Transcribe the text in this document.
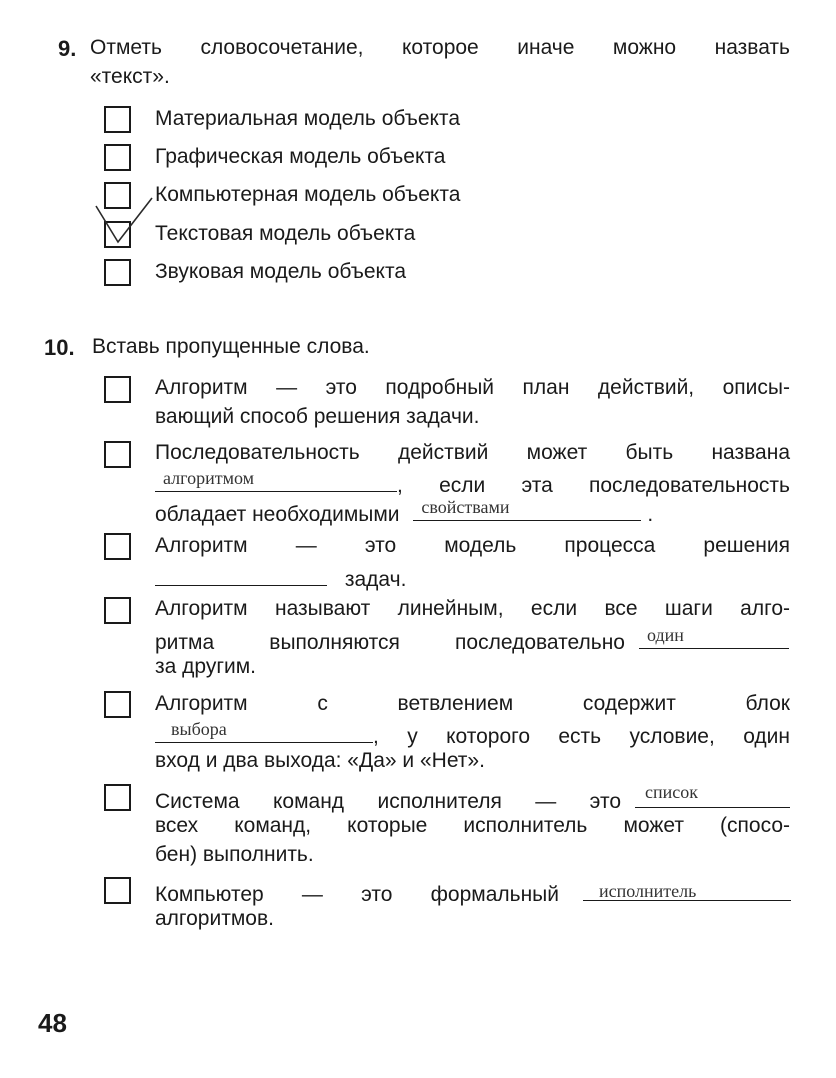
9. Отметь словосочетание, которое иначе можно назвать
«текст».
Материальная модель объекта
Графическая модель объекта
Компьютерная модель объекта
Текстовая модель объекта
Звуковая модель объекта
10. Вставь пропущенные слова.
Алгоритм — это подробный план действий, описы-
вающий способ решения задачи.
Последовательность действий может быть названа
алгоритмом	, если эта последовательность
обладает необходимыми свойствами	.
Алгоритм — это модель процесса решения
задач.
Алгоритм называют линейным, если все шаги алго-
ритма выполняются последовательно один
за другим.
Алгоритм с ветвлением содержит блок
выбора	, у которого есть условие, один
вход и два выхода: «Да» и «Нет».
Система команд исполнителя — это список
всех команд, которые исполнитель может (спосо-
бен) выполнить.
Компьютер — это формальный исполнитель
алгоритмов.
48
